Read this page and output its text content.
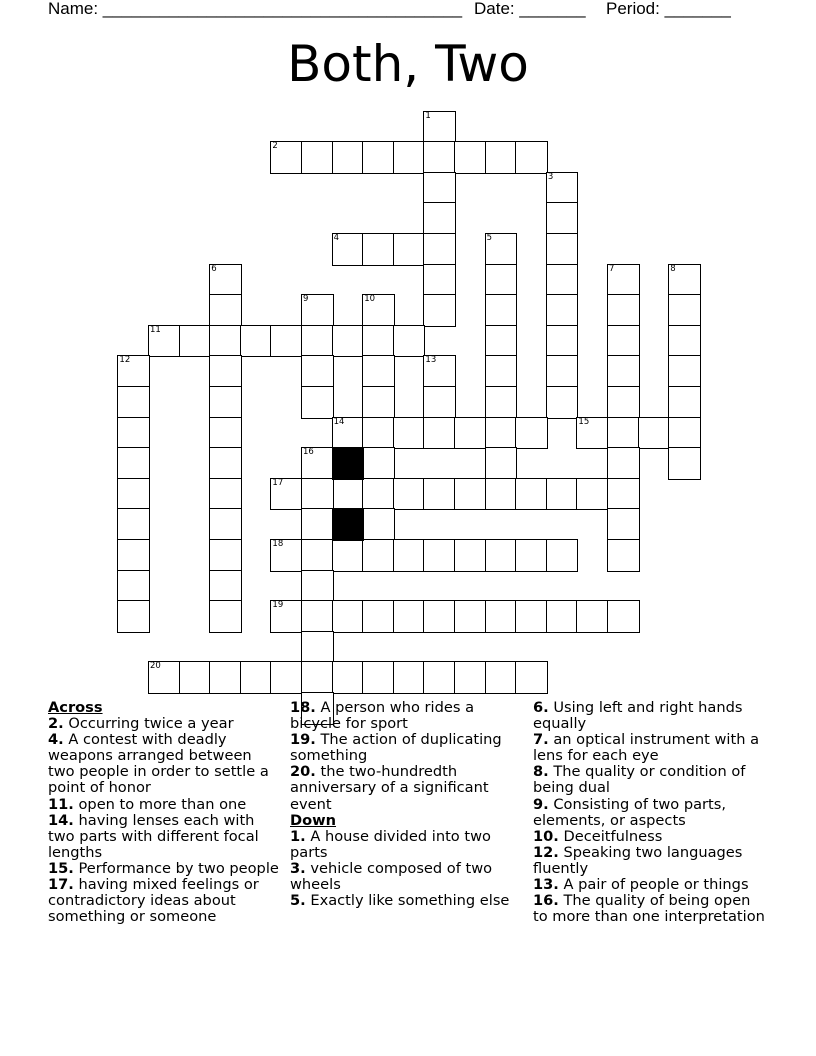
Name: ______________________________________ Date: _______ Period: _______
Both, Two
1
2
3
4	5
6	7	8
9	10
11
12	13
14	15
16
17
18
19
20

Across

2. Occurring twice a year

4. A contest with deadly weapons arranged between two people in order to settle a point of honor

11. open to more than one

14. having lenses each with two parts with different focal lengths

15. Performance by two people

17. having mixed feelings or contradictory ideas about something or someone

18. A person who rides a bicycle for sport

19. The action of duplicating something

20. the two-hundredth anniversary of a significant event

Down

1. A house divided into two parts

3. vehicle composed of two wheels

5. Exactly like something else

6. Using left and right hands equally

7. an optical instrument with a lens for each eye

8. The quality or condition of being dual

9. Consisting of two parts, elements, or aspects

10. Deceitfulness

12. Speaking two languages fluently

13. A pair of people or things

16. The quality of being open to more than one interpretation
